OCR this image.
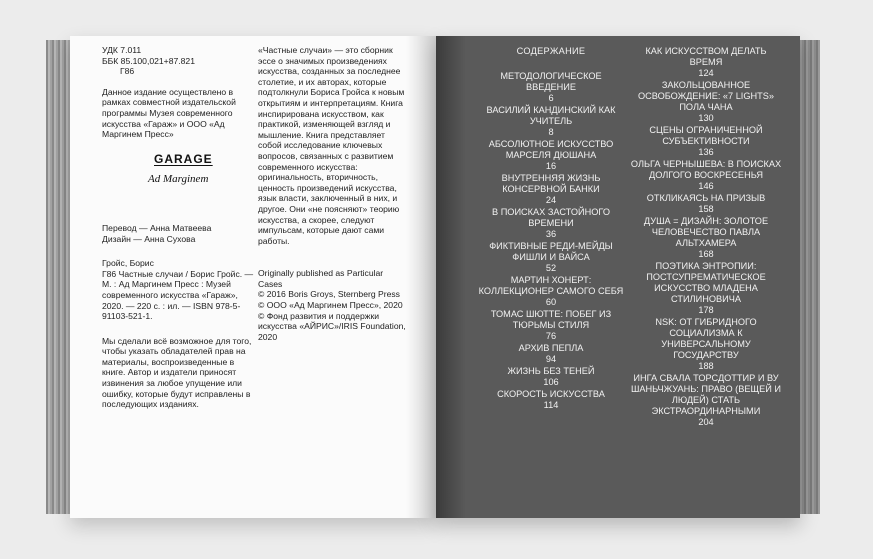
УДК 7.011

ББК 85.100,021+87.821

Г86

Данное издание осуществлено в рамках совместной издательской программы Музея современного искусства «Гараж» и ООО «Ад Маргинем Пресс»

GARAGE
Ad Marginem

Перевод — Анна Матвеева

Дизайн — Анна Сухова

Гройс, Борис
Г86 Частные случаи / Борис Гройс. — М. : Ад Маргинем Пресс : Музей современного искусства «Гараж», 2020. — 220 с. : ил. — ISBN 978-5-91103-521-1.

Мы сделали всё возможное для того, чтобы указать обладателей прав на материалы, воспроизведенные в книге. Автор и издатели приносят извинения за любое упущение или ошибку, которые будут исправлены в последующих изданиях.

«Частные случаи» — это сборник эссе о значимых произведениях искусства, созданных за последнее столетие, и их авторах, которые подтолкнули Бориса Гройса к новым открытиям и интерпретациям. Книга инспирирована искусством, как практикой, изменяющей взгляд и мышление. Книга представляет собой исследование ключевых вопросов, связанных с развитием современного искусства: оригинальность, вторичность, ценность произведений искусства, язык власти, заключенный в них, и другое. Они «не поясняют» теорию искусства, а скорее, следуют импульсам, которые дают сами работы.

Originally published as Particular Cases

© 2016 Boris Groys, Sternberg Press

© ООО «Ад Маргинем Пресс», 2020

© Фонд развития и поддержки искусства «АЙРИС»/IRIS Foundation, 2020

СОДЕРЖАНИЕ
МЕТОДОЛОГИЧЕСКОЕ ВВЕДЕНИЕ
6
ВАСИЛИЙ КАНДИНСКИЙ КАК УЧИТЕЛЬ
8
АБСОЛЮТНОЕ ИСКУССТВО МАРСЕЛЯ ДЮШАНА
16
ВНУТРЕННЯЯ ЖИЗНЬ КОНСЕРВНОЙ БАНКИ
24
В ПОИСКАХ ЗАСТОЙНОГО ВРЕМЕНИ
36
ФИКТИВНЫЕ РЕДИ-МЕЙДЫ ФИШЛИ И ВАЙСА
52
МАРТИН ХОНЕРТ: КОЛЛЕКЦИОНЕР САМОГО СЕБЯ
60
ТОМАС ШЮТТЕ: ПОБЕГ ИЗ ТЮРЬМЫ СТИЛЯ
76
АРХИВ ПЕПЛА
94
ЖИЗНЬ БЕЗ ТЕНЕЙ
106
СКОРОСТЬ ИСКУССТВА
114
КАК ИСКУССТВОМ ДЕЛАТЬ ВРЕМЯ
124
ЗАКОЛЬЦОВАННОЕ ОСВОБОЖДЕНИЕ: «7 LIGHTS» ПОЛА ЧАНА
130
СЦЕНЫ ОГРАНИЧЕННОЙ СУБЪЕКТИВНОСТИ
136
ОЛЬГА ЧЕРНЫШЕВА: В ПОИСКАХ ДОЛГОГО ВОСКРЕСЕНЬЯ
146
ОТКЛИКАЯСЬ НА ПРИЗЫВ
158
ДУША = ДИЗАЙН: ЗОЛОТОЕ ЧЕЛОВЕЧЕСТВО ПАВЛА АЛЬТХАМЕРА
168
ПОЭТИКА ЭНТРОПИИ: ПОСТСУПРЕМАТИЧЕСКОЕ ИСКУССТВО МЛАДЕНА СТИЛИНОВИЧА
178
NSK: ОТ ГИБРИДНОГО СОЦИАЛИЗМА К УНИВЕРСАЛЬНОМУ ГОСУДАРСТВУ
188
ИНГА СВАЛА ТОРСДОТТИР И ВУ ШАНЬЧЖУАНЬ: ПРАВО (ВЕЩЕЙ И ЛЮДЕЙ) СТАТЬ ЭКСТРАОРДИНАРНЫМИ
204
